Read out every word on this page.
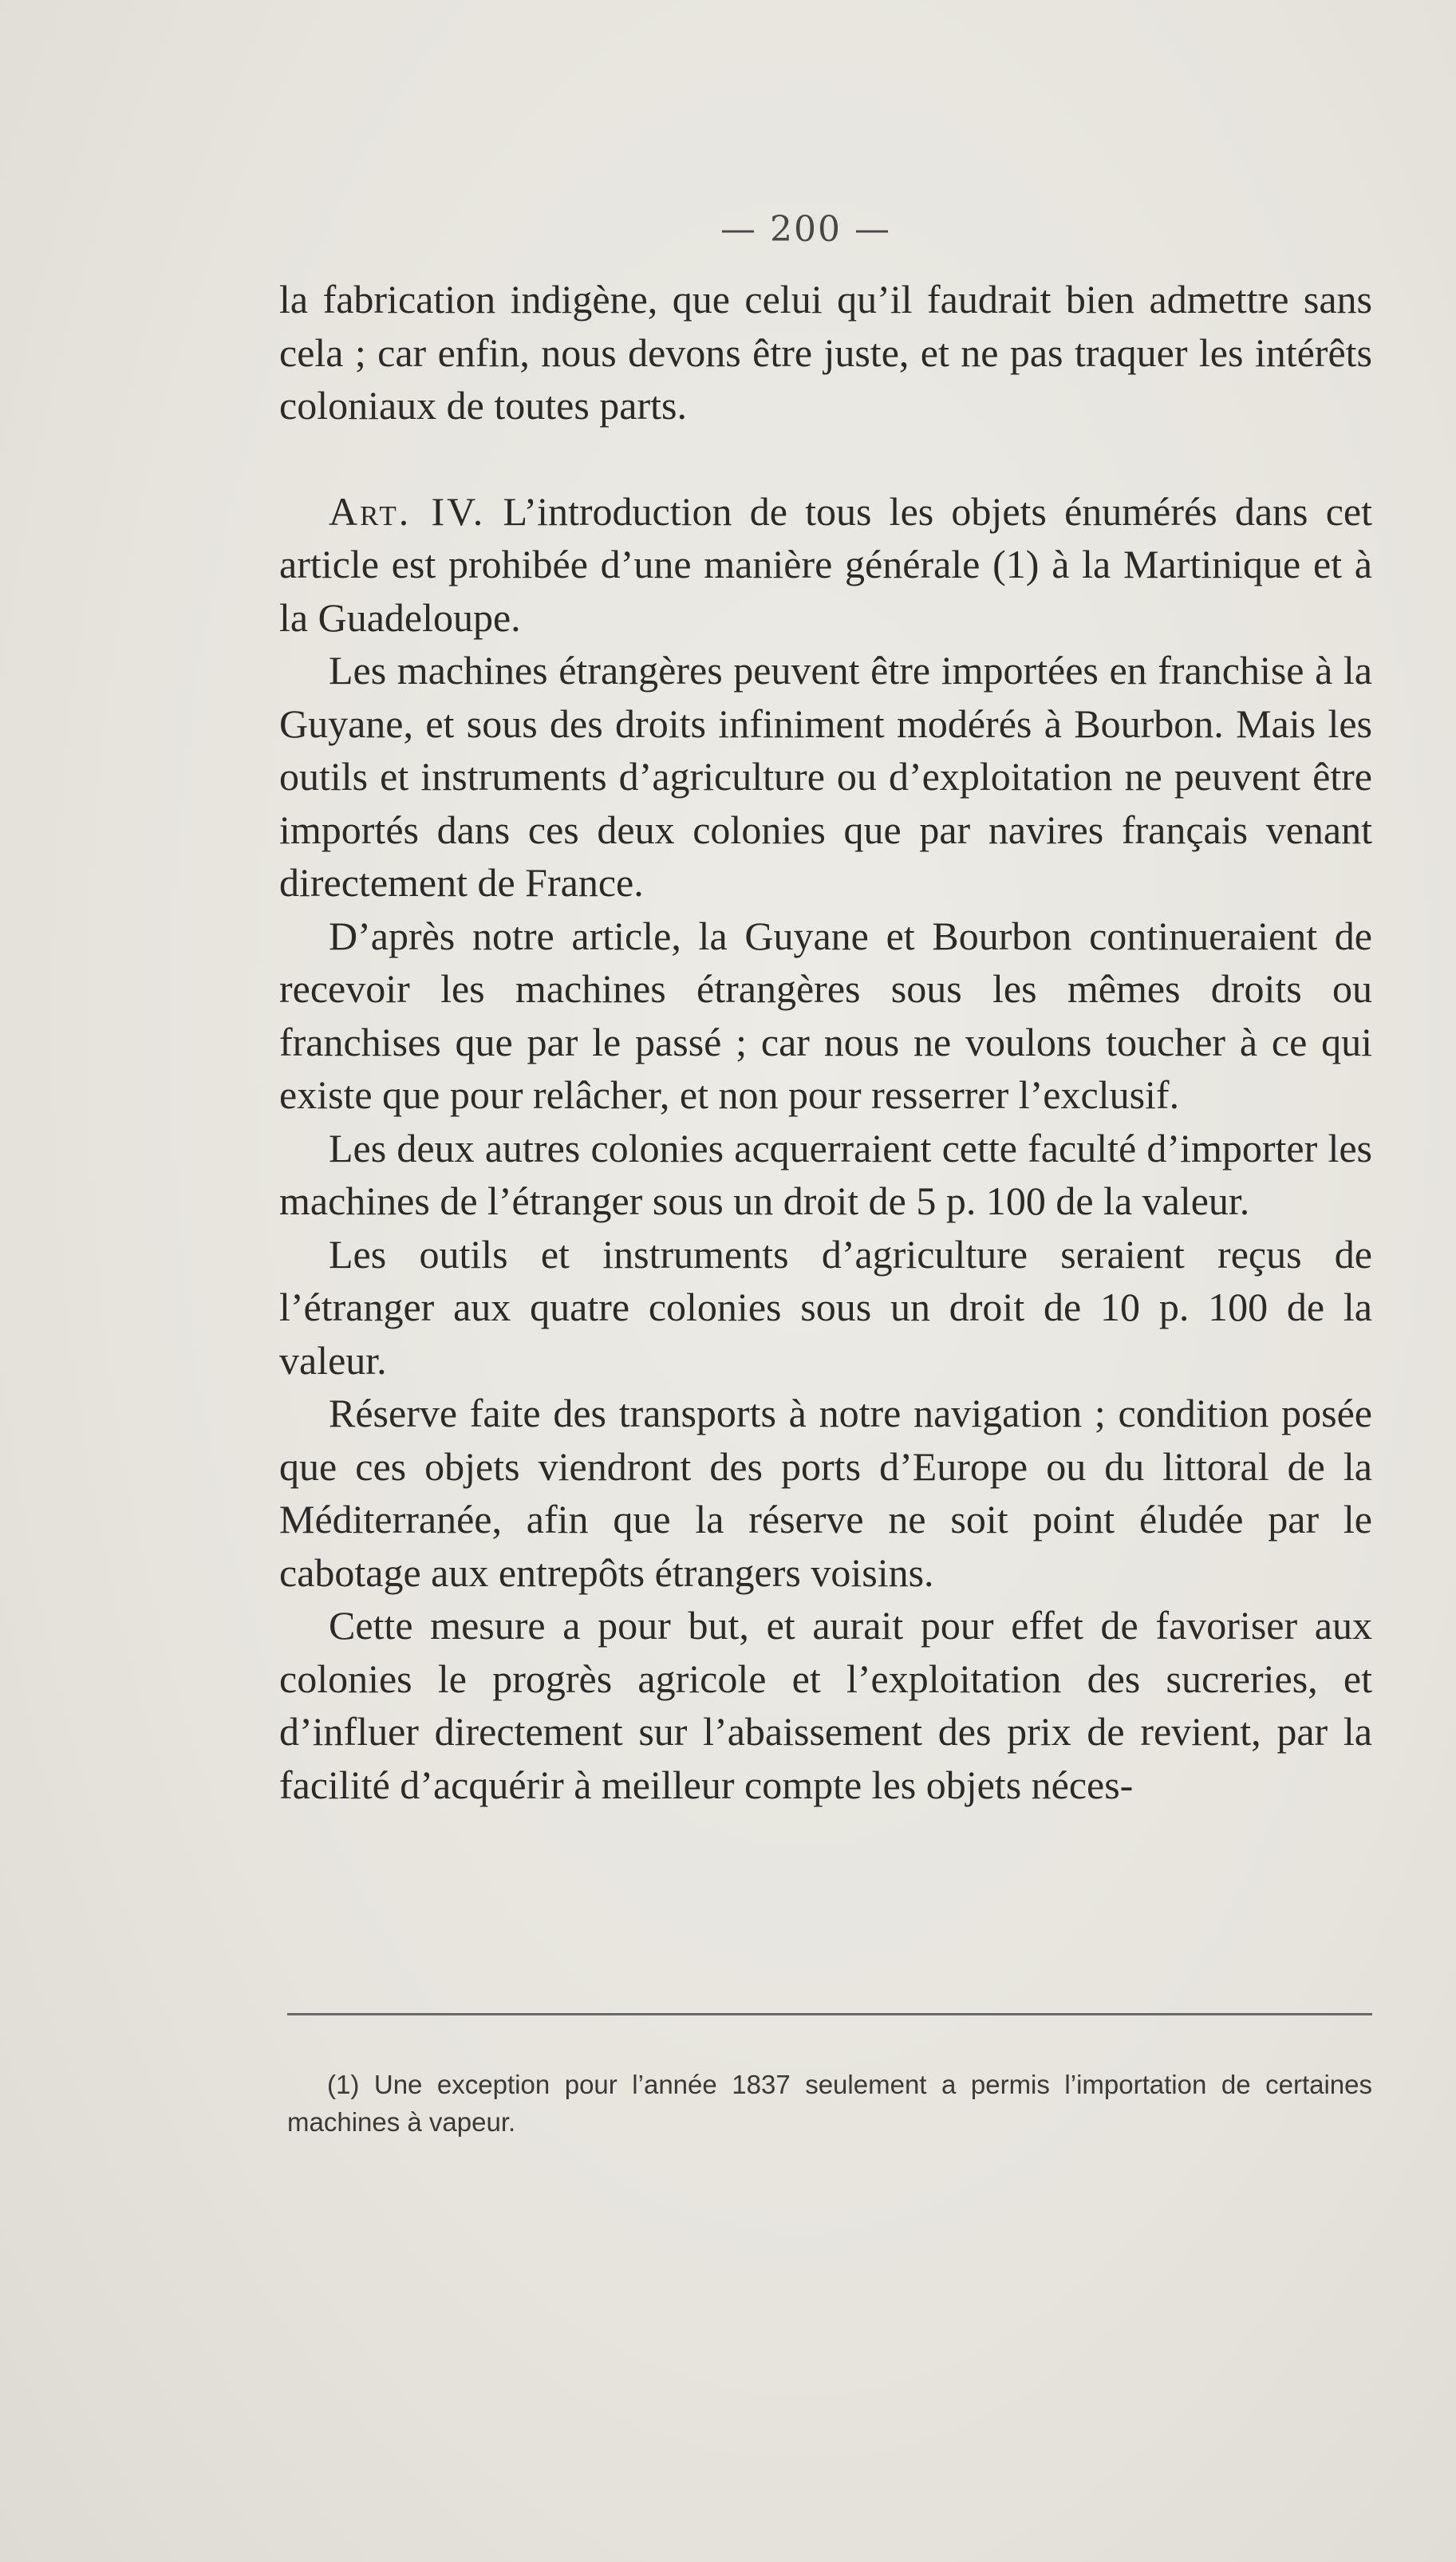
— 200 —

la fabrication indigène, que celui qu’il faudrait bien admettre sans cela ; car enfin, nous devons être juste, et ne pas traquer les intérêts coloniaux de toutes parts.

Art. IV. L’introduction de tous les objets énumérés dans cet article est prohibée d’une manière générale (1) à la Martinique et à la Guadeloupe.

Les machines étrangères peuvent être importées en franchise à la Guyane, et sous des droits infiniment modérés à Bourbon. Mais les outils et instruments d’agriculture ou d’exploitation ne peuvent être importés dans ces deux colonies que par navires français venant directement de France.

D’après notre article, la Guyane et Bourbon continueraient de recevoir les machines étrangères sous les mêmes droits ou franchises que par le passé ; car nous ne voulons toucher à ce qui existe que pour relâcher, et non pour resserrer l’exclusif.

Les deux autres colonies acquerraient cette faculté d’importer les machines de l’étranger sous un droit de 5 p. 100 de la valeur.

Les outils et instruments d’agriculture seraient reçus de l’étranger aux quatre colonies sous un droit de 10 p. 100 de la valeur.

Réserve faite des transports à notre navigation ; condition posée que ces objets viendront des ports d’Europe ou du littoral de la Méditerranée, afin que la réserve ne soit point éludée par le cabotage aux entrepôts étrangers voisins.

Cette mesure a pour but, et aurait pour effet de favoriser aux colonies le progrès agricole et l’exploitation des sucreries, et d’influer directement sur l’abaissement des prix de revient, par la facilité d’acquérir à meilleur compte les objets néces-

(1) Une exception pour l’année 1837 seulement a permis l’importation de certaines machines à vapeur.
